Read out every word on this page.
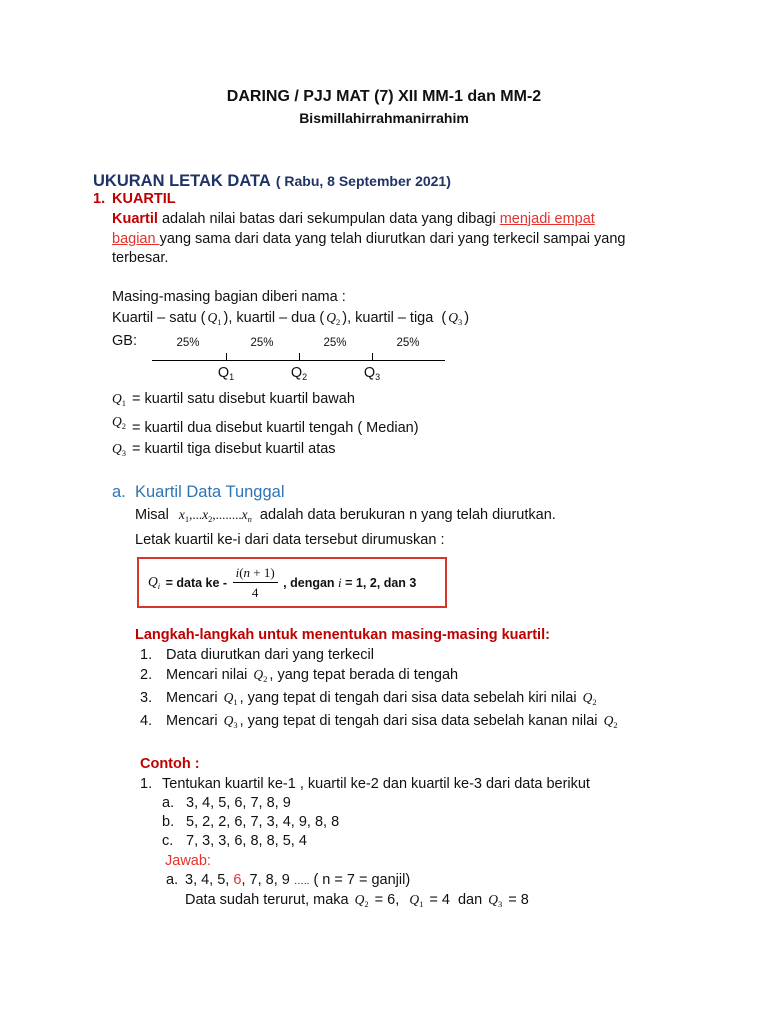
DARING / PJJ MAT (7) XII MM-1 dan MM-2
Bismillahirrahmanirrahim
UKURAN LETAK DATA ( Rabu, 8 September 2021)
1. KUARTIL
Kuartil adalah nilai batas dari sekumpulan data yang dibagi menjadi empat
bagian yang sama dari data yang telah diurutkan dari yang terkecil sampai yang
terbesar.
Masing-masing bagian diberi nama :
Kuartil – satu ( $Q_1$ ), kuartil – dua ( $Q_2$ ), kuartil – tiga  ( $Q_3$ )
GB:	25%	25%	25%	25%
$Q_1$	$Q_2$	$Q_3$
$Q_1$ = kuartil satu disebut kuartil bawah
$Q_2$ = kuartil dua disebut kuartil tengah ( Median)
$Q_3$ = kuartil tiga disebut kuartil atas
a. Kuartil Data Tunggal
Misal $x_1$ ,... $x_2$ ,........ $x_n$ adalah data berukuran n yang telah diurutkan.
Letak kuartil ke-i dari data tersebut dirumuskan :
$Q_i$ = data ke - $\frac{i(n + 1)}{4}$ , dengan i = 1, 2, dan 3
Langkah-langkah untuk menentukan masing-masing kuartil:
1. Data diurutkan dari yang terkecil
2. Mencari nilai $Q_2$ , yang tepat berada di tengah
3. Mencari $Q_1$ , yang tepat di tengah dari sisa data sebelah kiri nilai $Q_2$
4. Mencari $Q_3$ , yang tepat di tengah dari sisa data sebelah kanan nilai $Q_2$
Contoh :
1. Tentukan kuartil ke-1 , kuartil ke-2 dan kuartil ke-3 dari data berikut
a. 3, 4, 5, 6, 7, 8, 9
b. 5, 2, 2, 6, 7, 3, 4, 9, 8, 8
c. 7, 3, 3, 6, 8, 8, 5, 4
Jawab:
a. 3, 4, 5, 6 , 7, 8, 9 ….. ( n = 7 = ganjil)
Data sudah terurut, maka $Q_2 = 6$, $Q_1 = 4$  dan $Q_3 = 8$
